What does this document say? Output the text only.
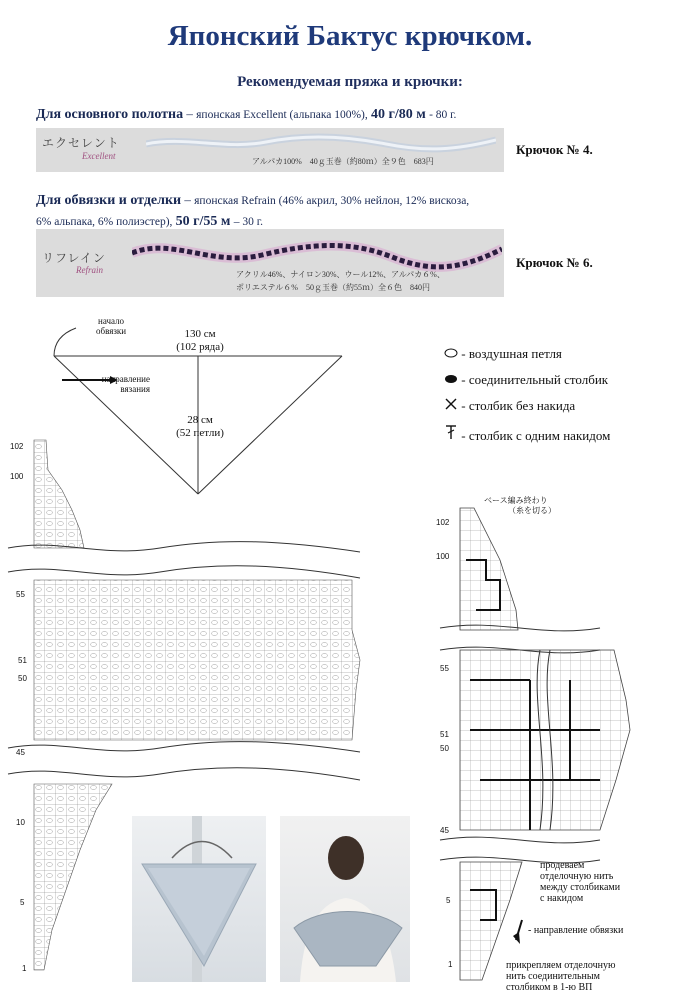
Японский Бактус крючком.
Рекомендуемая пряжа и крючки:
Для основного полотна – японская Excellent (альпака 100%), 40 г/80 м - 80 г.
エクセレント
Excellent
アルパカ100%　40ｇ玉巻（約80ｍ）全９色　683円
Крючок № 4.
Для обвязки и отделки – японская Refrain (46% акрил, 30% нейлон, 12% вискоза,
6% альпака, 6% полиэстер), 50 г/55 м – 30 г.
リフレイン
Refrain	アクリル46%、ナイロン30%、ウール12%、アルパカ６%、
ポリエステル６%　50ｇ玉巻（約55ｍ）全６色　840円
Крючок № 6.
начало
обвязки	130 см
(102 ряда)
направление
вязания
28 см
(52 петли)
- воздушная петля
- соединительный столбик
- столбик без накида
- столбик с одним накидом
102
100
55
51
50
45
10
5
1
ベース編み終わり
（糸を切る）
102
100
55
51
50
45
5
1
продеваем
отделочную нить
между столбиками
с накидом
- направление обвязки
прикрепляем отделочную
нить соединительным
столбиком в 1-ю ВП
